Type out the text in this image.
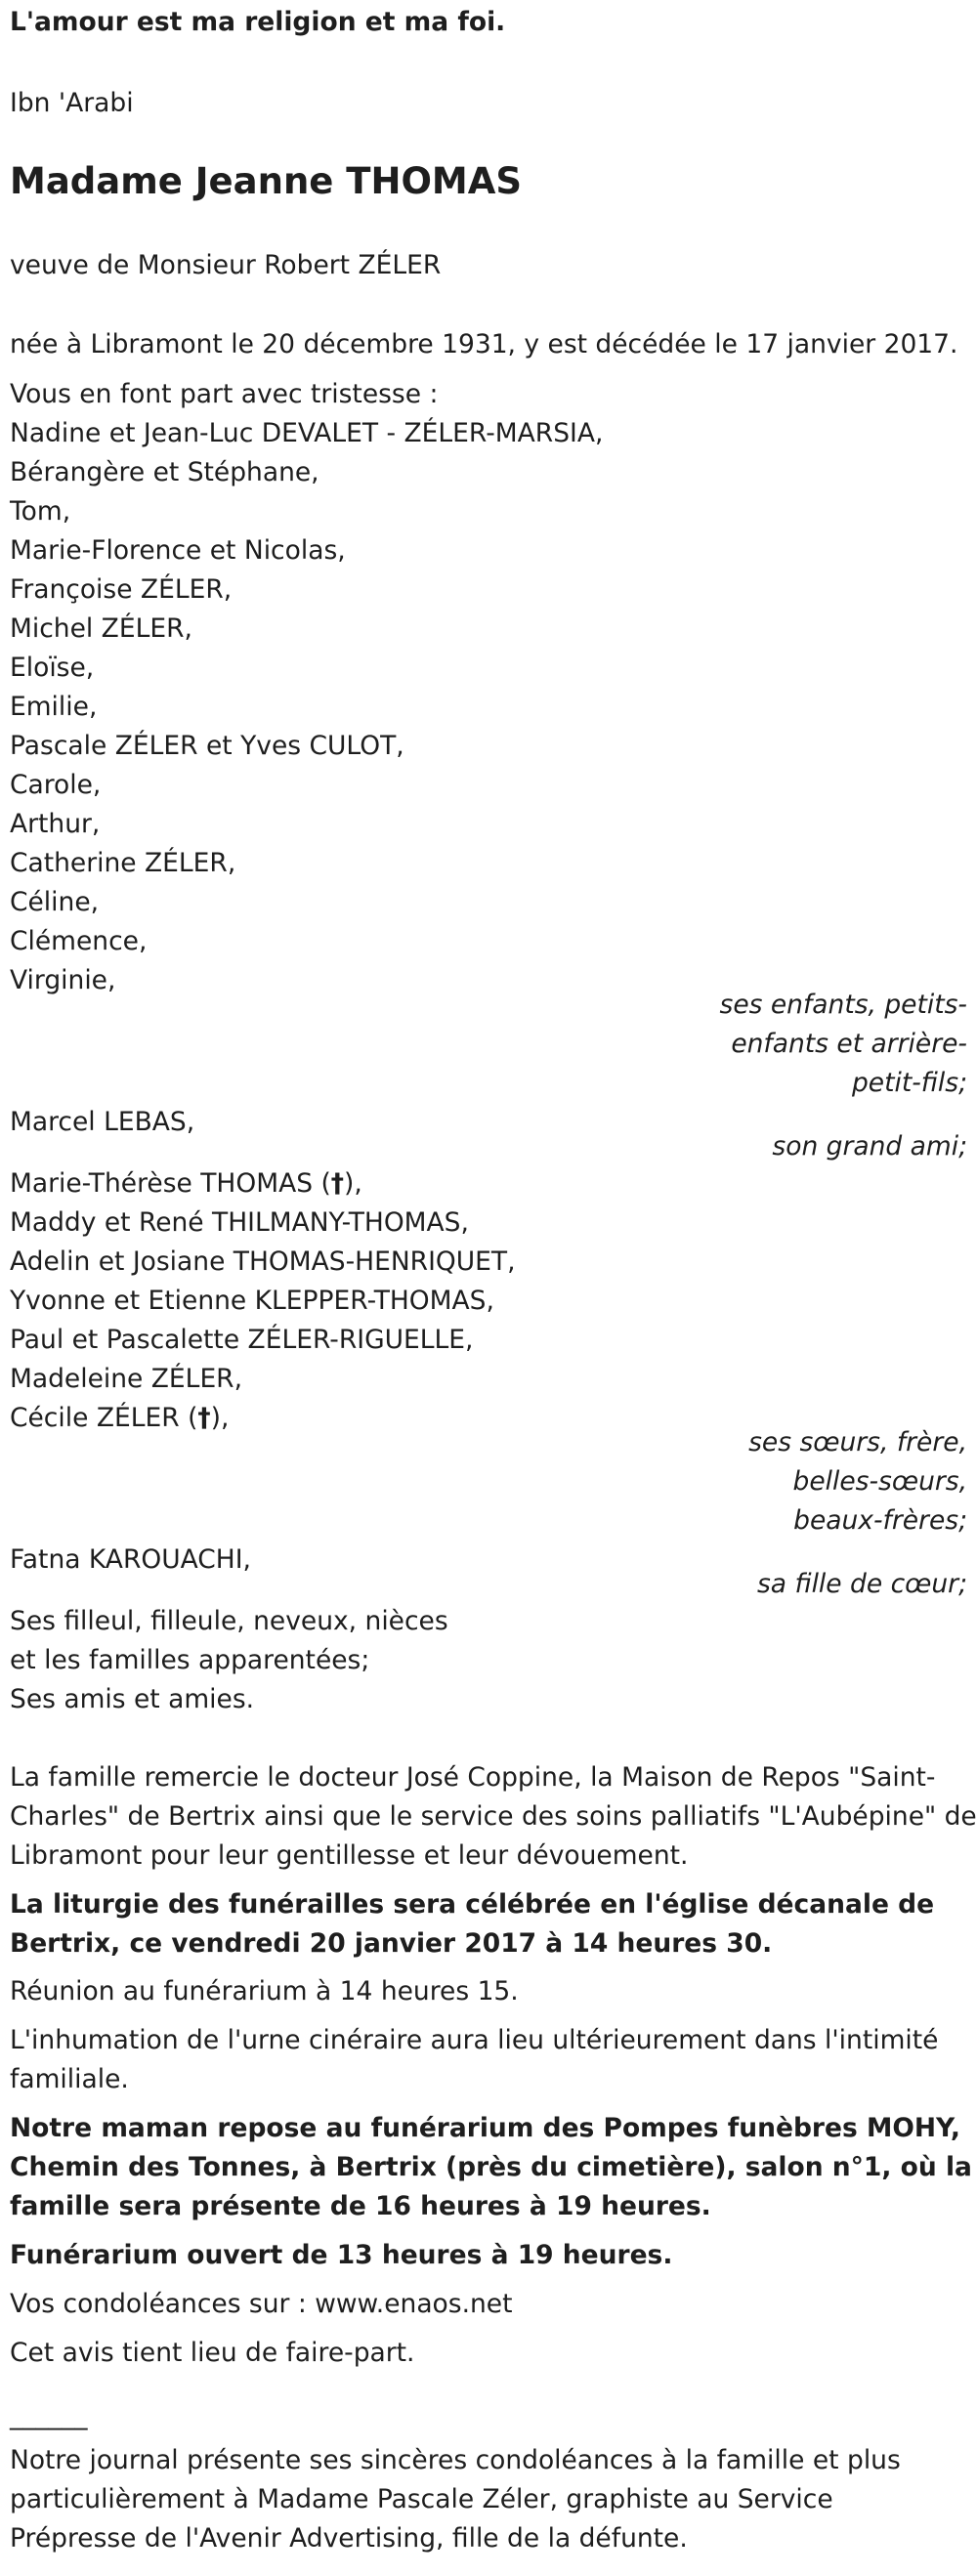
L'amour est ma religion et ma foi.

Ibn 'Arabi

Madame Jeanne THOMAS

veuve de Monsieur Robert ZÉLER

née à Libramont le 20 décembre 1931, y est décédée le 17 janvier 2017.

Vous en font part avec tristesse :

Nadine et Jean-Luc DEVALET - ZÉLER-MARSIA,

Bérangère et Stéphane,

Tom,

Marie-Florence et Nicolas,

Françoise ZÉLER,

Michel ZÉLER,

Eloïse,

Emilie,

Pascale ZÉLER et Yves CULOT,

Carole,

Arthur,

Catherine ZÉLER,

Céline,

Clémence,

Virginie,

ses enfants, petits-

enfants et arrière-

petit-fils;

Marcel LEBAS,

son grand ami;

Marie-Thérèse THOMAS (†),

Maddy et René THILMANY-THOMAS,

Adelin et Josiane THOMAS-HENRIQUET,

Yvonne et Etienne KLEPPER-THOMAS,

Paul et Pascalette ZÉLER-RIGUELLE,

Madeleine ZÉLER,

Cécile ZÉLER (†),

ses sœurs, frère,

belles-sœurs,

beaux-frères;

Fatna KAROUACHI,

sa fille de cœur;

Ses filleul, filleule, neveux, nièces

et les familles apparentées;

Ses amis et amies.

La famille remercie le docteur José Coppine, la Maison de Repos "Saint-

Charles" de Bertrix ainsi que le service des soins palliatifs "L'Aubépine" de

Libramont pour leur gentillesse et leur dévouement.

La liturgie des funérailles sera célébrée en l'église décanale de

Bertrix, ce vendredi 20 janvier 2017 à 14 heures 30.

Réunion au funérarium à 14 heures 15.

L'inhumation de l'urne cinéraire aura lieu ultérieurement dans l'intimité

familiale.

Notre maman repose au funérarium des Pompes funèbres MOHY,

Chemin des Tonnes, à Bertrix (près du cimetière), salon n°1, où la

famille sera présente de 16 heures à 19 heures.

Funérarium ouvert de 13 heures à 19 heures.

Vos condoléances sur : www.enaos.net

Cet avis tient lieu de faire-part.

______

Notre journal présente ses sincères condoléances à la famille et plus

particulièrement à Madame Pascale Zéler, graphiste au Service

Prépresse de l'Avenir Advertising, fille de la défunte.
